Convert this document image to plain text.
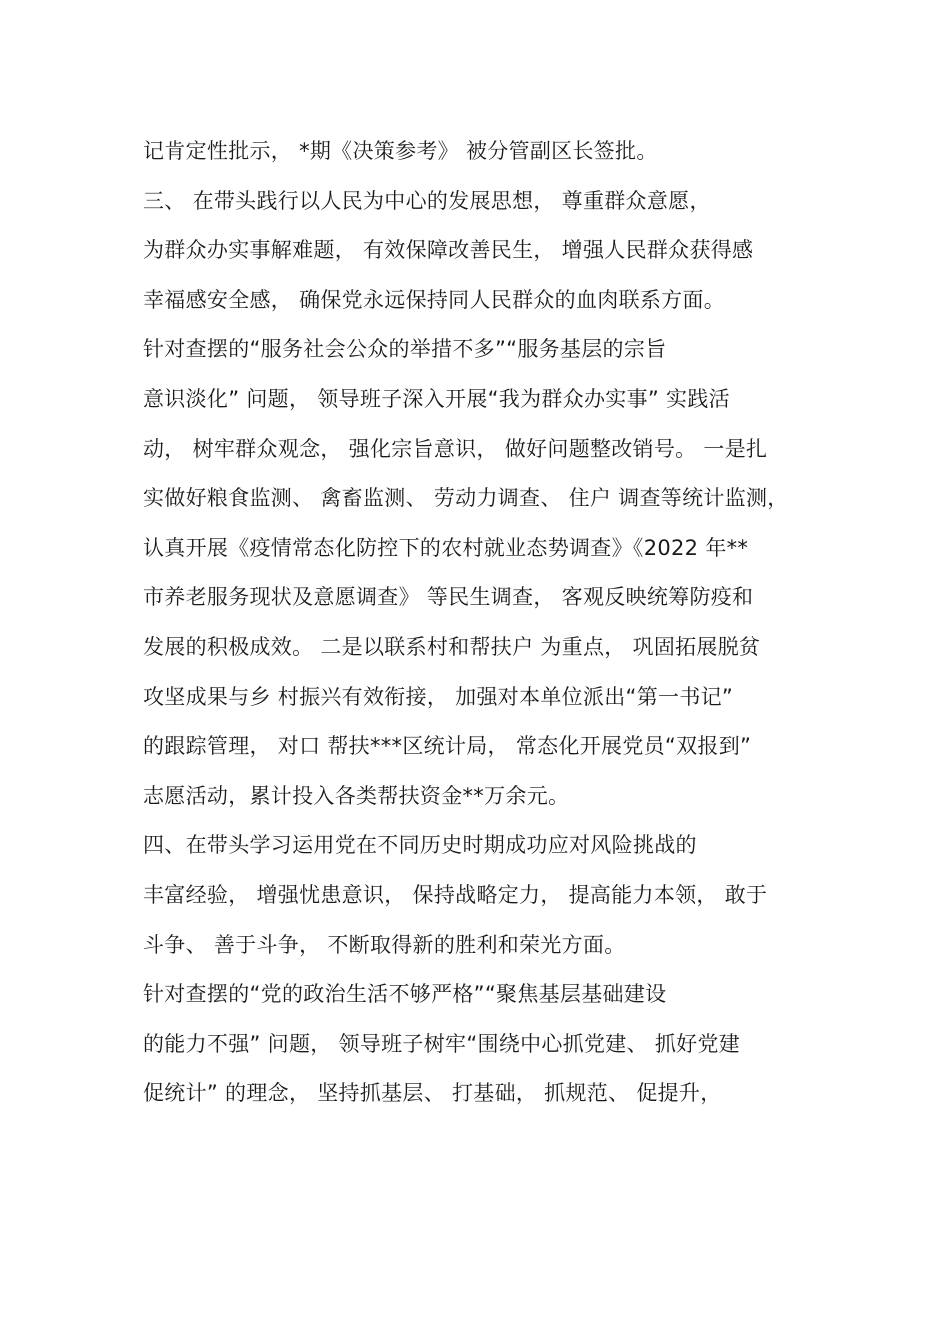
记肯定性批示， *期《决策参考》 被分管副区长签批。
三、 在带头践行以人民为中心的发展思想， 尊重群众意愿，
为群众办实事解难题， 有效保障改善民生， 增强人民群众获得感
幸福感安全感， 确保党永远保持同人民群众的血肉联系方面。
针对查摆的“服务社会公众的举措不多”“服务基层的宗旨
意识淡化” 问题， 领导班子深入开展“我为群众办实事” 实践活
动， 树牢群众观念， 强化宗旨意识， 做好问题整改销号。 一是扎
实做好粮食监测、 禽畜监测、 劳动力调查、 住户 调查等统计监测，
认真开展《疫情常态化防控下的农村就业态势调查》《2022 年**
市养老服务现状及意愿调查》 等民生调查， 客观反映统筹防疫和
发展的积极成效。 二是以联系村和帮扶户 为重点， 巩固拓展脱贫
攻坚成果与乡 村振兴有效衔接， 加强对本单位派出“第一书记”
的跟踪管理， 对口 帮扶***区统计局， 常态化开展党员“双报到”
志愿活动，累计投入各类帮扶资金**万余元。
四、在带头学习运用党在不同历史时期成功应对风险挑战的
丰富经验， 增强忧患意识， 保持战略定力， 提高能力本领， 敢于
斗争、 善于斗争， 不断取得新的胜利和荣光方面。
针对查摆的“党的政治生活不够严格”“聚焦基层基础建设
的能力不强” 问题， 领导班子树牢“围绕中心抓党建、 抓好党建
促统计” 的理念， 坚持抓基层、 打基础， 抓规范、 促提升，
